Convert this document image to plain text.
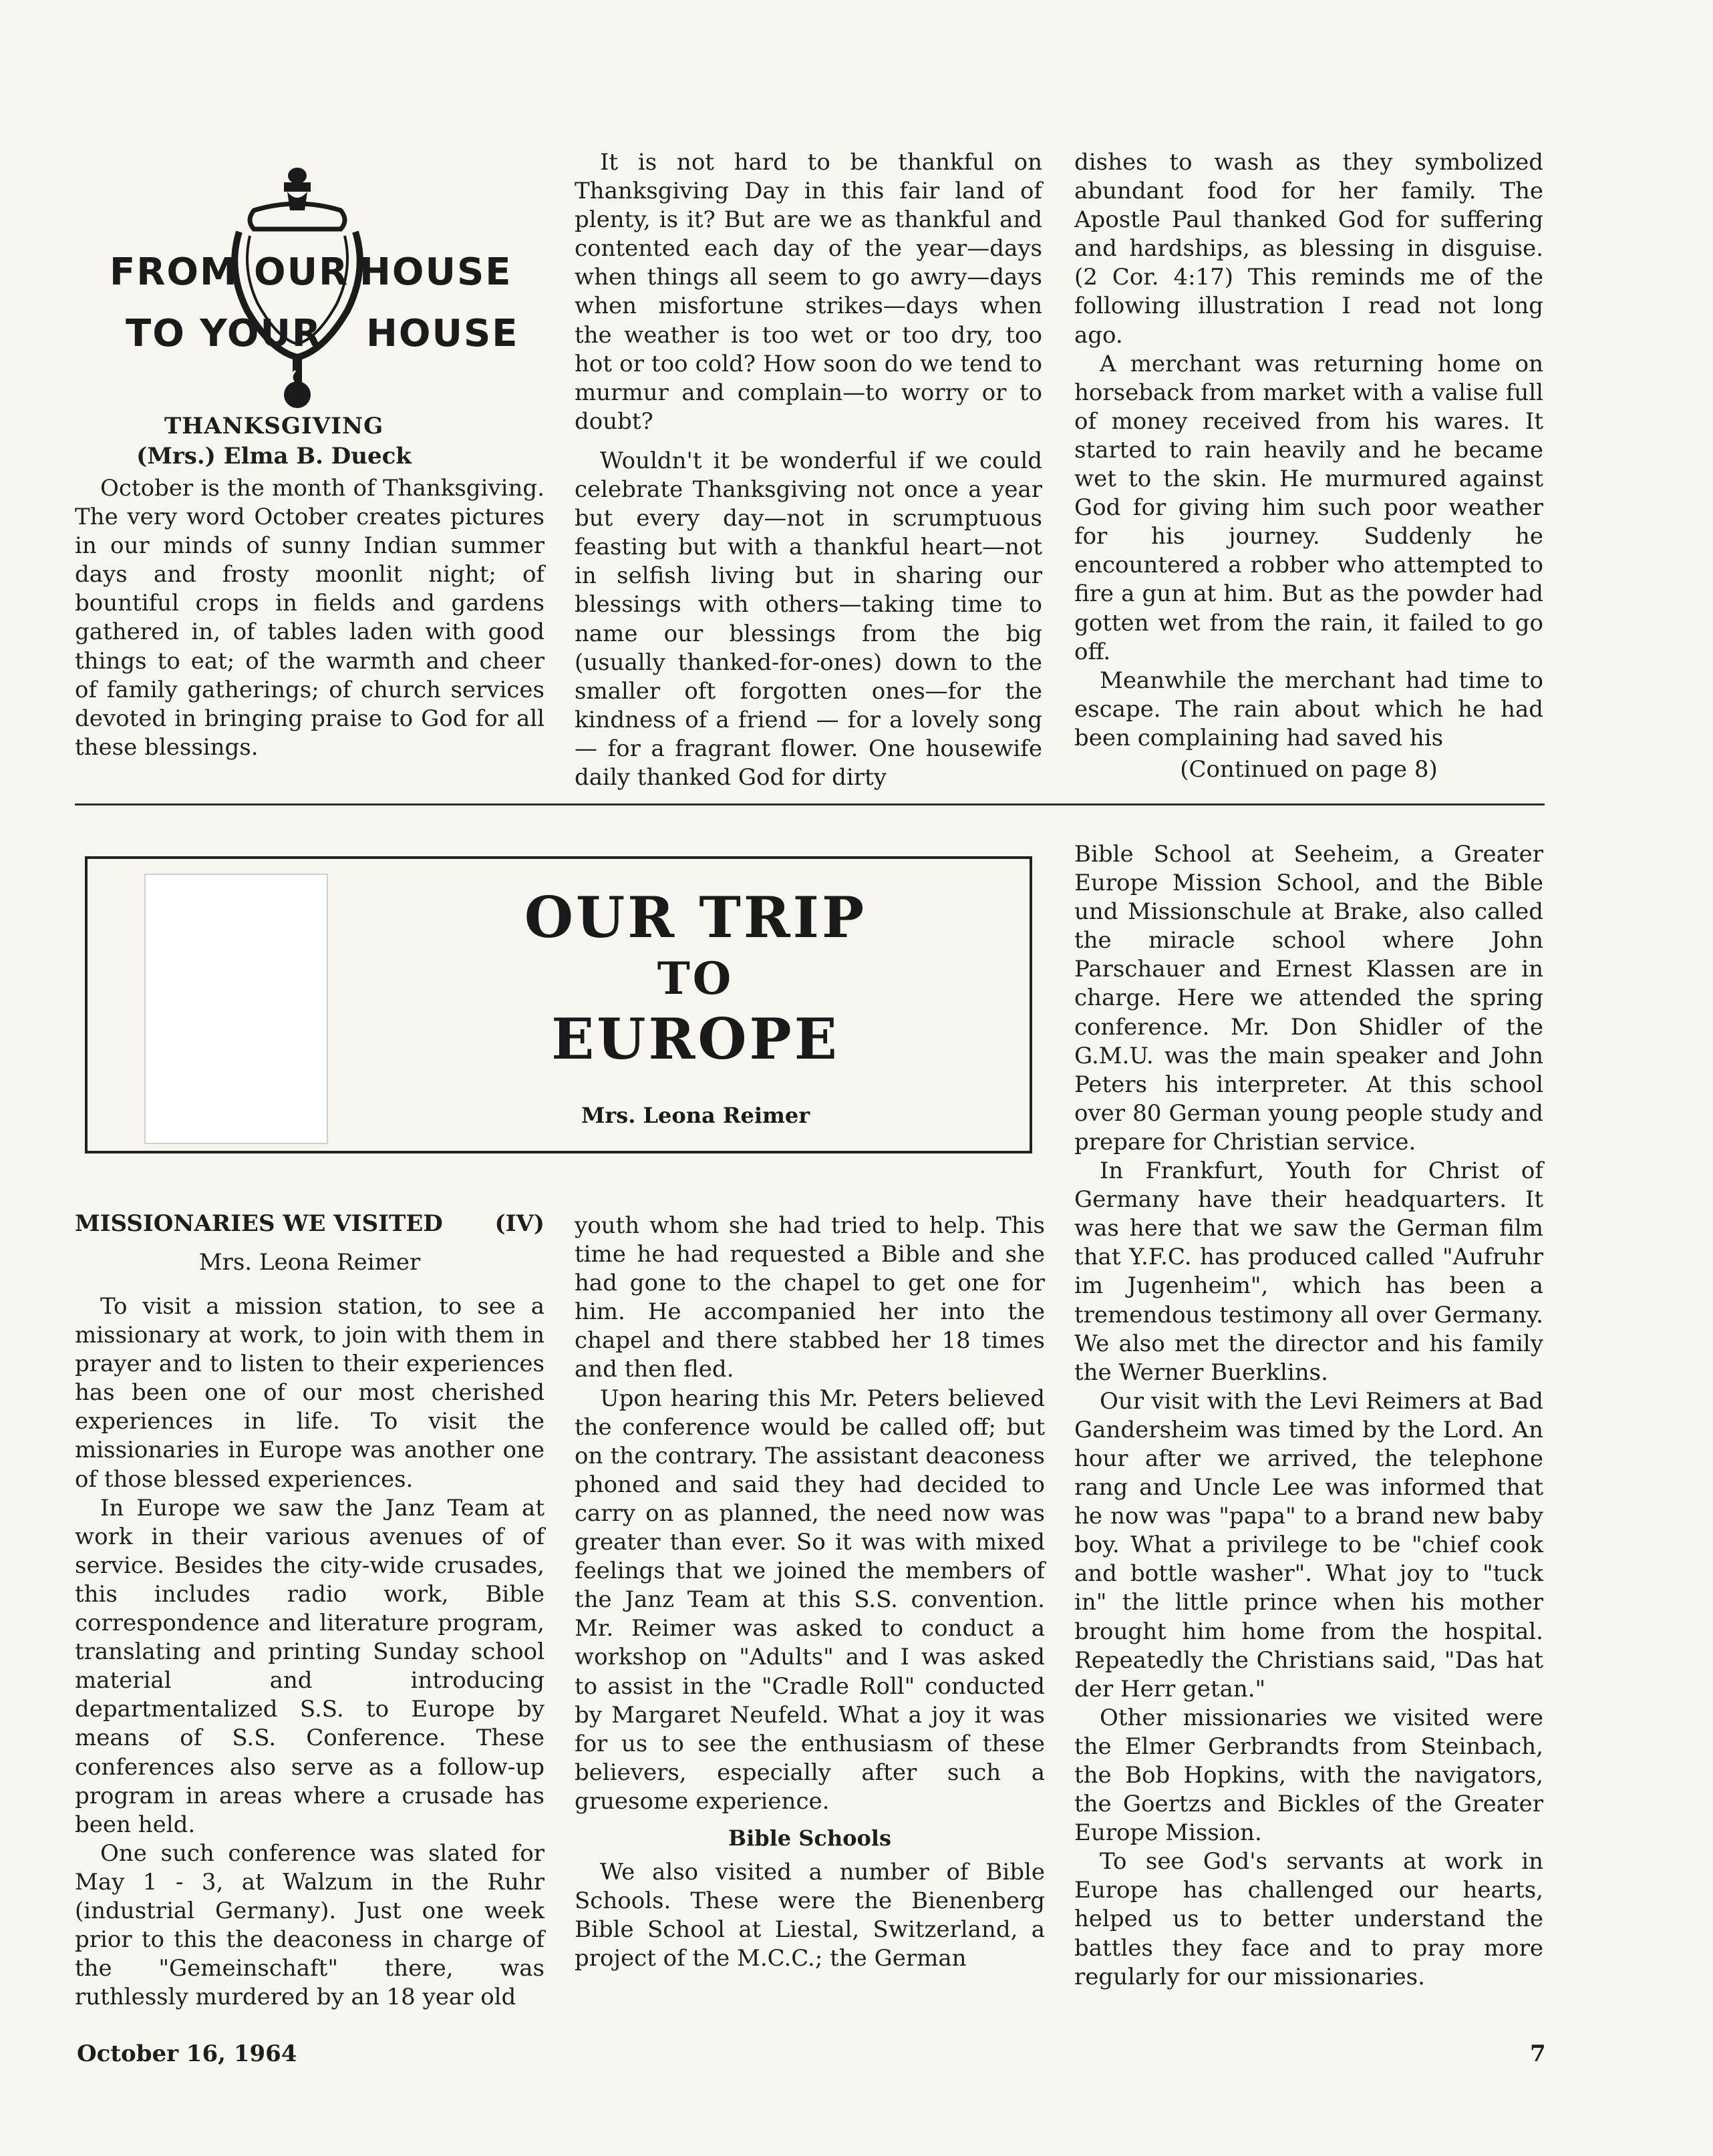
FROM OUR HOUSE
TO YOUR HOUSE
THANKSGIVING
(Mrs.) Elma B. Dueck

October is the month of Thanksgiving. The very word October creates pictures in our minds of sunny Indian summer days and frosty moonlit night; of bountiful crops in fields and gardens gathered in, of tables laden with good things to eat; of the warmth and cheer of family gatherings; of church services devoted in bringing praise to God for all these blessings.

It is not hard to be thankful on Thanksgiving Day in this fair land of plenty, is it? But are we as thankful and contented each day of the year—days when things all seem to go awry—days when misfortune strikes—days when the weather is too wet or too dry, too hot or too cold? How soon do we tend to murmur and complain—to worry or to doubt?

Wouldn't it be wonderful if we could celebrate Thanksgiving not once a year but every day—not in scrumptuous feasting but with a thankful heart—not in selfish living but in sharing our blessings with others—taking time to name our blessings from the big (usually thanked-for-ones) down to the smaller oft forgotten ones—for the kindness of a friend — for a lovely song — for a fragrant flower. One housewife daily thanked God for dirty

dishes to wash as they symbolized abundant food for her family. The Apostle Paul thanked God for suffering and hardships, as blessing in disguise. (2 Cor. 4:17) This reminds me of the following illustration I read not long ago.

A merchant was returning home on horseback from market with a valise full of money received from his wares. It started to rain heavily and he became wet to the skin. He murmured against God for giving him such poor weather for his journey. Suddenly he encountered a robber who attempted to fire a gun at him. But as the powder had gotten wet from the rain, it failed to go off.

Meanwhile the merchant had time to escape. The rain about which he had been complaining had saved his

(Continued on page 8)
OUR TRIP
TO
EUROPE
Mrs. Leona Reimer
MISSIONARIES WE VISITED (IV)
Mrs. Leona Reimer

To visit a mission station, to see a missionary at work, to join with them in prayer and to listen to their experiences has been one of our most cherished experiences in life. To visit the missionaries in Europe was another one of those blessed experiences.

In Europe we saw the Janz Team at work in their various avenues of of service. Besides the city-wide crusades, this includes radio work, Bible correspondence and literature program, translating and printing Sunday school material and introducing departmentalized S.S. to Europe by means of S.S. Conference. These conferences also serve as a follow-up program in areas where a crusade has been held.

One such conference was slated for May 1 - 3, at Walzum in the Ruhr (industrial Germany). Just one week prior to this the deaconess in charge of the "Gemeinschaft" there, was ruthlessly murdered by an 18 year old

youth whom she had tried to help. This time he had requested a Bible and she had gone to the chapel to get one for him. He accompanied her into the chapel and there stabbed her 18 times and then fled.

Upon hearing this Mr. Peters believed the conference would be called off; but on the contrary. The assistant deaconess phoned and said they had decided to carry on as planned, the need now was greater than ever. So it was with mixed feelings that we joined the members of the Janz Team at this S.S. convention. Mr. Reimer was asked to conduct a workshop on "Adults" and I was asked to assist in the "Cradle Roll" conducted by Margaret Neufeld. What a joy it was for us to see the enthusiasm of these believers, especially after such a gruesome experience.

Bible Schools

We also visited a number of Bible Schools. These were the Bienenberg Bible School at Liestal, Switzerland, a project of the M.C.C.; the German

Bible School at Seeheim, a Greater Europe Mission School, and the Bible und Missionschule at Brake, also called the miracle school where John Parschauer and Ernest Klassen are in charge. Here we attended the spring conference. Mr. Don Shidler of the G.M.U. was the main speaker and John Peters his interpreter. At this school over 80 German young people study and prepare for Christian service.

In Frankfurt, Youth for Christ of Germany have their headquarters. It was here that we saw the German film that Y.F.C. has produced called "Aufruhr im Jugenheim", which has been a tremendous testimony all over Germany. We also met the director and his family the Werner Buerklins.

Our visit with the Levi Reimers at Bad Gandersheim was timed by the Lord. An hour after we arrived, the telephone rang and Uncle Lee was informed that he now was "papa" to a brand new baby boy. What a privilege to be "chief cook and bottle washer". What joy to "tuck in" the little prince when his mother brought him home from the hospital. Repeatedly the Christians said, "Das hat der Herr getan."

Other missionaries we visited were the Elmer Gerbrandts from Steinbach, the Bob Hopkins, with the navigators, the Goertzs and Bickles of the Greater Europe Mission.

To see God's servants at work in Europe has challenged our hearts, helped us to better understand the battles they face and to pray more regularly for our missionaries.

October 16, 1964	7
